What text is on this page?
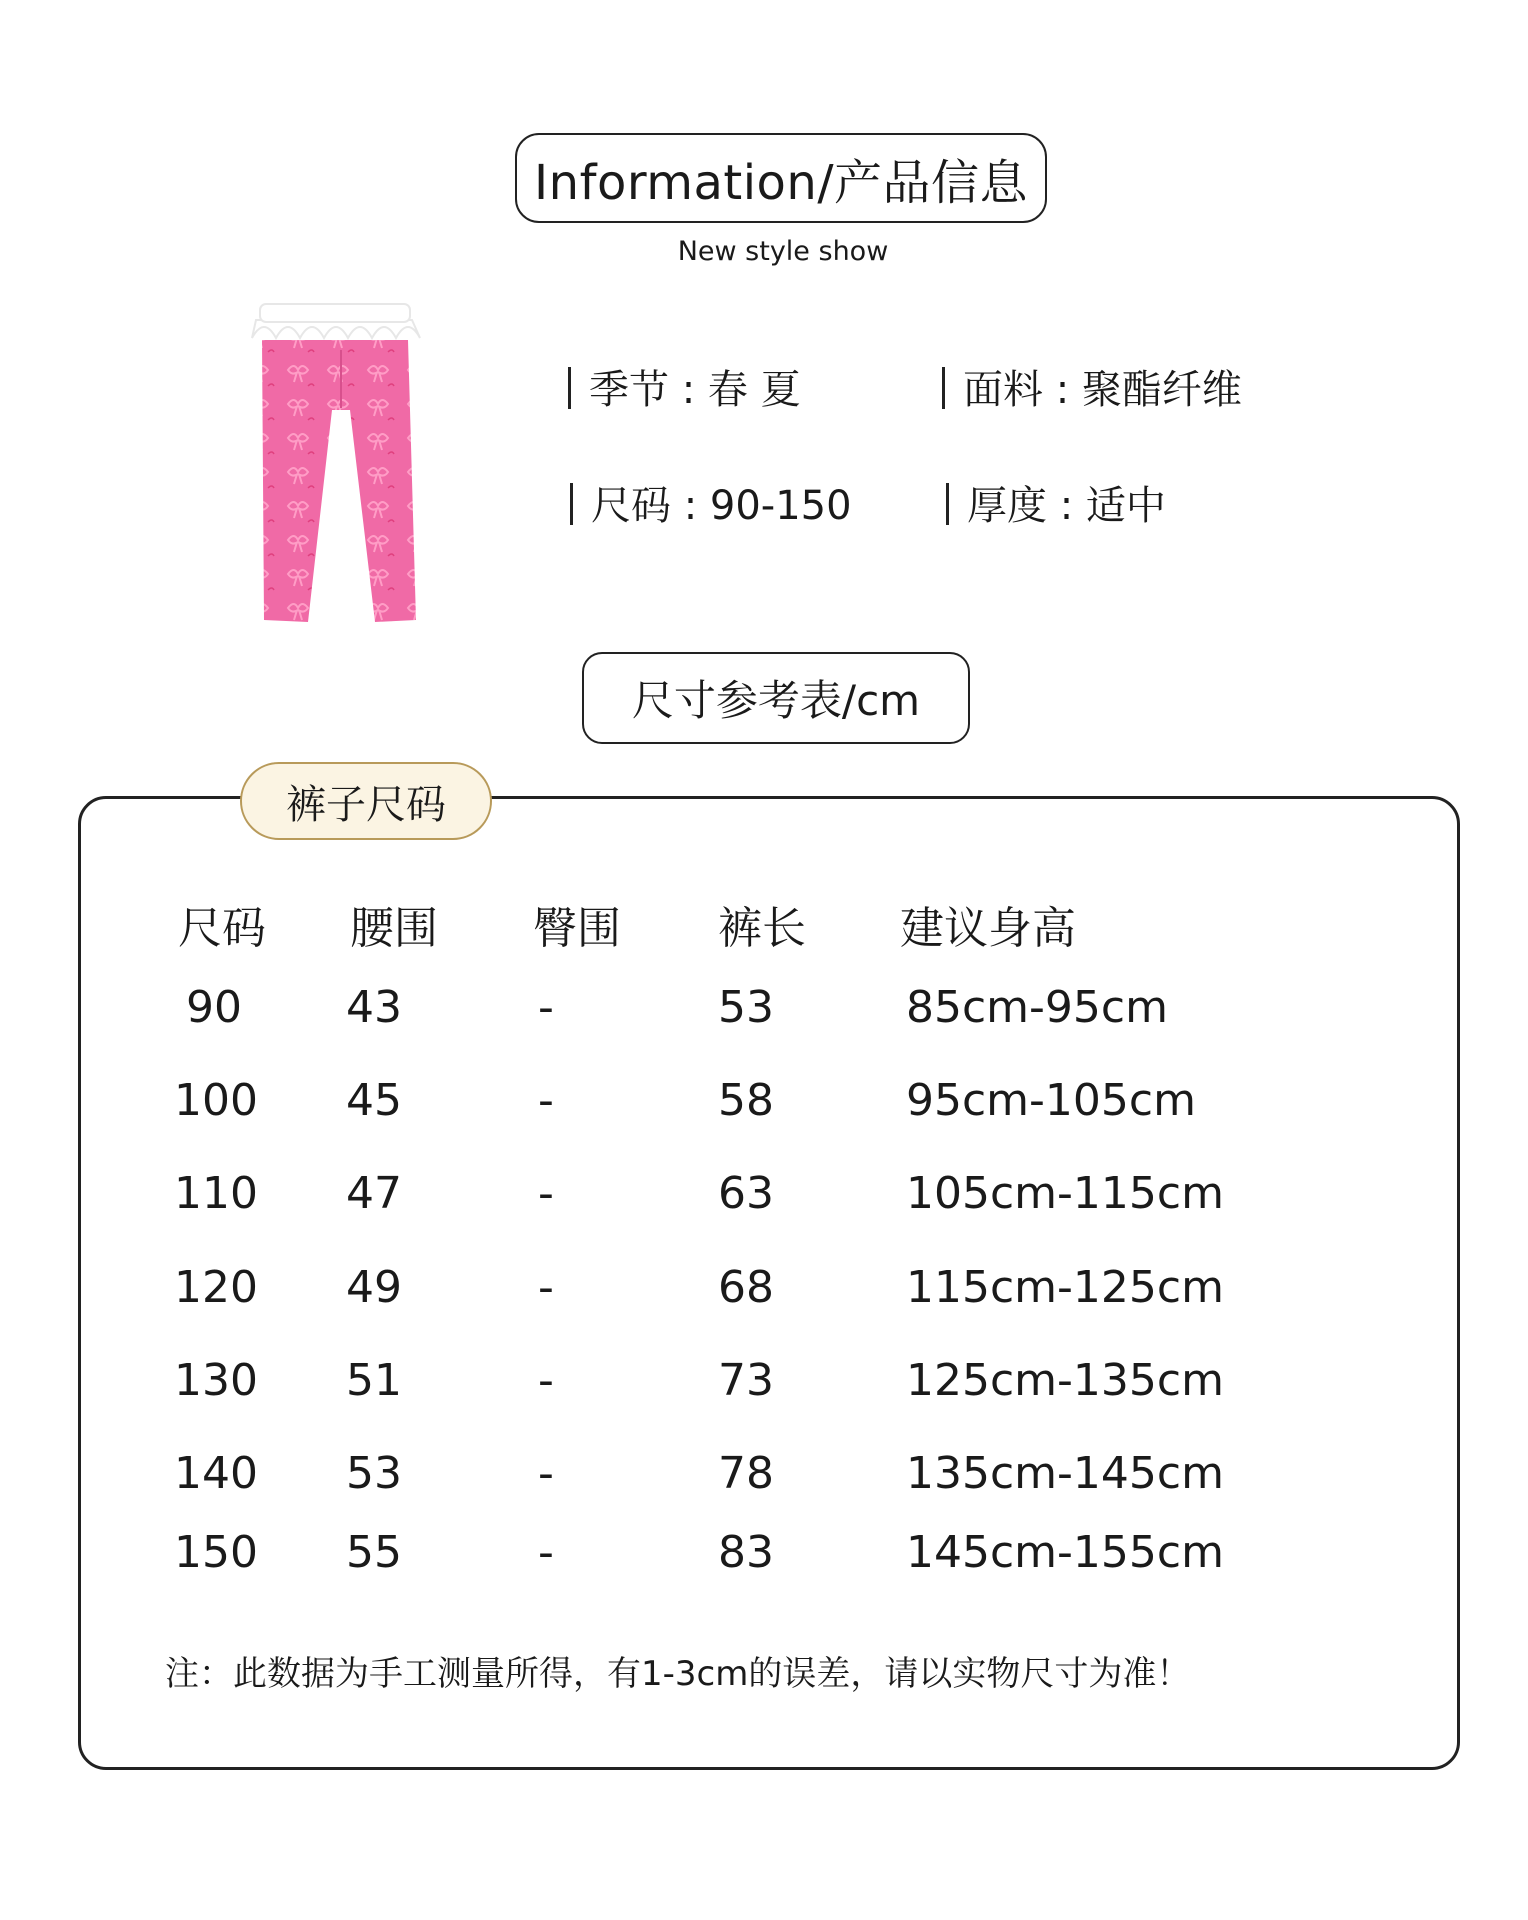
Information/产品信息
New style show
季节 : 春 夏	面料 : 聚酯纤维
尺码 : 90-150	厚度 : 适中
尺寸参考表/cm
裤子尺码
尺码 腰围 臀围 裤长 建议身高
90 43	-	53	85cm-95cm
100 45	-	58	95cm-105cm
110 47	-	63	105cm-115cm
120 49	-	68	115cm-125cm
130 51	-	73	125cm-135cm
140 53	-	78	135cm-145cm
150 55	-	83	145cm-155cm
注：此数据为手工测量所得，有1-3cm的误差，请以实物尺寸为准！
